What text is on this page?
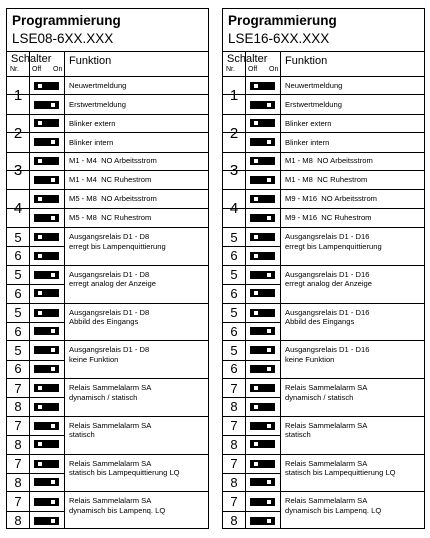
Programmierung
LSE08-6XX.XXX
Schalter
Nr. Off On
Funktion
1
Neuwertmeldung
Erstwertmeldung
2
Blinker extern
Blinker intern
3
M1 - M4  NO Arbeitsstrom
M1 - M4  NC Ruhestrom
4
M5 - M8  NO Arbeitsstrom
M5 - M8  NC Ruhestrom
5
6
Ausgangsrelais D1 - D8
erregt bis Lampenquittierung
5
6
Ausgangsrelais D1 - D8
erregt analog der Anzeige
5
6
Ausgangsrelais D1 - D8
Abbild des Eingangs
5
6
Ausgangsrelais D1 - D8
keine Funktion
7
8
Relais Sammelalarm SA
dynamisch / statisch
7
8
Relais Sammelalarm SA
statisch
7
8
Relais Sammelalarm SA
statisch bis Lampequittierung LQ
7
8
Relais Sammelalarm SA
dynamisch bis Lampenq. LQ
Programmierung
LSE16-6XX.XXX
Schalter
Nr. Off On
Funktion
1
Neuwertmeldung
Erstwertmeldung
2
Blinker extern
Blinker intern
3
M1 - M8  NO Arbeitsstrom
M1 - M8  NC Ruhestrom
4
M9 - M16  NO Arbeitsstrom
M9 - M16  NC Ruhestrom
5
6
Ausgangsrelais D1 - D16
erregt bis Lampenquittierung
5
6
Ausgangsrelais D1 - D16
erregt analog der Anzeige
5
6
Ausgangsrelais D1 - D16
Abbild des Eingangs
5
6
Ausgangsrelais D1 - D16
keine Funktion
7
8
Relais Sammelalarm SA
dynamisch / statisch
7
8
Relais Sammelalarm SA
statisch
7
8
Relais Sammelalarm SA
statisch bis Lampequittierung LQ
7
8
Relais Sammelalarm SA
dynamisch bis Lampenq. LQ
